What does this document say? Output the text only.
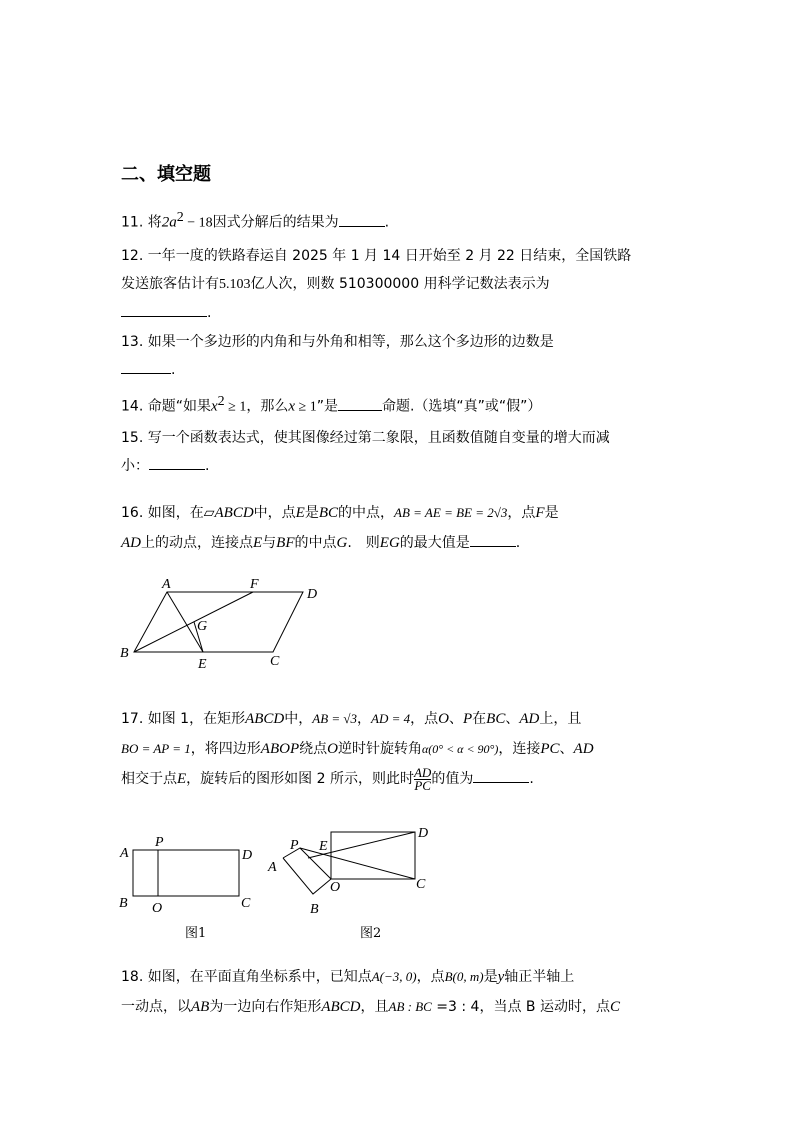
二、填空题
11. 将$2a^2 - 18$因式分解后的结果为	.
12. 一年一度的铁路春运自 2025 年 1 月 14 日开始至 2 月 22 日结束，全国铁路
发送旅客估计有5.103亿人次，则数 510300000 用科学记数法表示为
.
13. 如果一个多边形的内角和与外角和相等，那么这个多边形的边数是
.
14. 命题“如果$x^2 \ge 1$，那么x ≥ 1”是	命题.（选填“真”或“假”）
15. 写一个函数表达式，使其图像经过第二象限，且函数值随自变量的增大而减
小：	.
16. 如图，在▱ABCD中，点E是BC的中点，AB = AE = BE = 2√3，点F是
AD上的动点，连接点E与BF的中点G.　则EG的最大值是	.
A	F
D
G
B
E	C
17. 如图 1，在矩形ABCD中，AB = √3，AD = 4，点O、P在BC、AD上，且
BO = AP = 1，将四边形ABOP绕点O逆时针旋转角α(0° < α < 90°)，连接PC、AD
相交于点E，旋转后的图形如图 2 所示，则此时 $\frac{AD}{PC}$ 的值为	.
A
P
D
B O	C
图1
P E
D
A
O	C
B
图2
18. 如图，在平面直角坐标系中，已知点A(−3, 0)，点B(0, m)是y轴正半轴上
一动点，以AB为一边向右作矩形ABCD，且AB : BC =3 : 4，当点 B 运动时，点C
